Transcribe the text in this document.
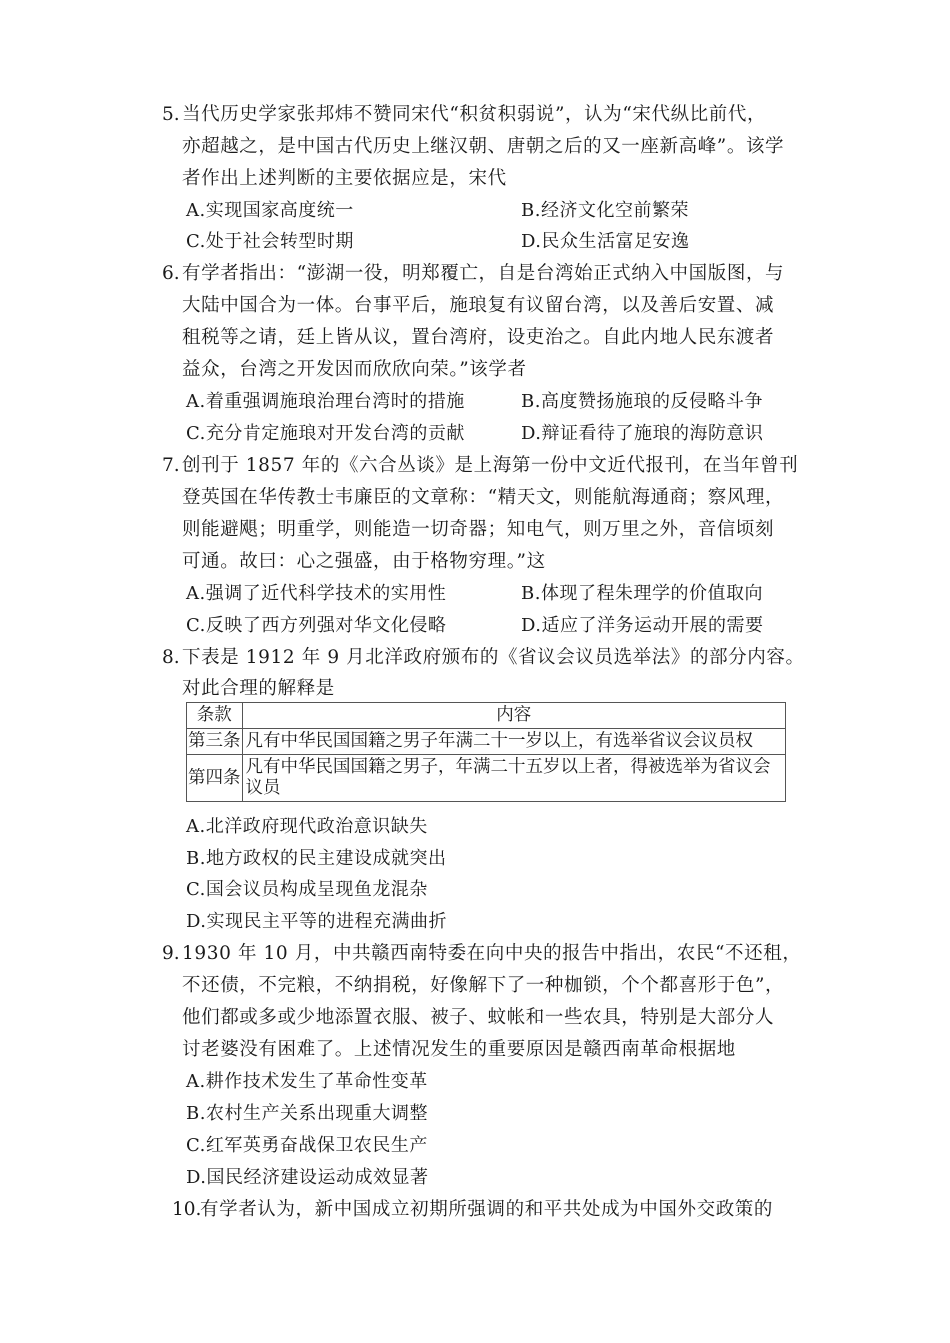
5. 当代历史学家张邦炜不赞同宋代“积贫积弱说”，认为“宋代纵比前代，
亦超越之，是中国古代历史上继汉朝、唐朝之后的又一座新高峰”。该学
者作出上述判断的主要依据应是，宋代
A.实现国家高度统一	B.经济文化空前繁荣
C.处于社会转型时期	D.民众生活富足安逸
6. 有学者指出：“澎湖一役，明郑覆亡，自是台湾始正式纳入中国版图，与
大陆中国合为一体。台事平后，施琅复有议留台湾，以及善后安置、减
租税等之请，廷上皆从议，置台湾府，设吏治之。自此内地人民东渡者
益众，台湾之开发因而欣欣向荣。”该学者
A.着重强调施琅治理台湾时的措施	B.高度赞扬施琅的反侵略斗争
C.充分肯定施琅对开发台湾的贡献	D.辩证看待了施琅的海防意识
7. 创刊于 1857 年的《六合丛谈》是上海第一份中文近代报刊，在当年曾刊
登英国在华传教士韦廉臣的文章称：“精天文，则能航海通商；察风理，
则能避飓；明重学，则能造一切奇器；知电气，则万里之外，音信顷刻
可通。故曰：心之强盛，由于格物穷理。”这
A.强调了近代科学技术的实用性	B.体现了程朱理学的价值取向
C.反映了西方列强对华文化侵略	D.适应了洋务运动开展的需要
8. 下表是 1912 年 9 月北洋政府颁布的《省议会议员选举法》的部分内容。
对此合理的解释是
条款	内容
第三条	凡有中华民国国籍之男子年满二十一岁以上，有选举省议会议员权
第四条	凡有中华民国国籍之男子，年满二十五岁以上者，得被选举为省议会议员
A.北洋政府现代政治意识缺失
B.地方政权的民主建设成就突出
C.国会议员构成呈现鱼龙混杂
D.实现民主平等的进程充满曲折
9. 1930 年 10 月，中共赣西南特委在向中央的报告中指出，农民“不还租，
不还债，不完粮，不纳捐税，好像解下了一种枷锁，个个都喜形于色”，
他们都或多或少地添置衣服、被子、蚊帐和一些农具，特别是大部分人
讨老婆没有困难了。上述情况发生的重要原因是赣西南革命根据地
A.耕作技术发生了革命性变革
B.农村生产关系出现重大调整
C.红军英勇奋战保卫农民生产
D.国民经济建设运动成效显著
10.
有学者认为，新中国成立初期所强调的和平共处成为中国外交政策的
